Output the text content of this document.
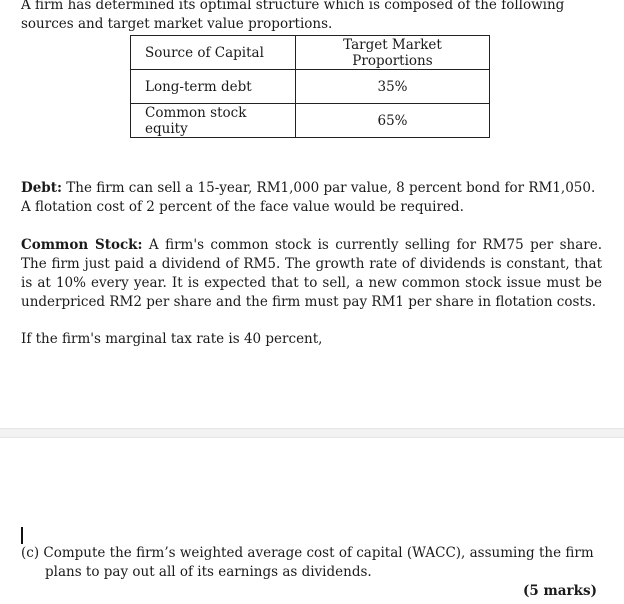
A firm has determined its optimal structure which is composed of the following sources and target market value proportions.
Source of Capital	Target Market Proportions
Long-term debt	35%
Common stock equity	65%
Debt: The firm can sell a 15-year, RM1,000 par value, 8 percent bond for RM1,050. A flotation cost of 2 percent of the face value would be required.
Common Stock: A firm's common stock is currently selling for RM75 per share. The firm just paid a dividend of RM5. The growth rate of dividends is constant, that is at 10% every year. It is expected that to sell, a new common stock issue must be underpriced RM2 per share and the firm must pay RM1 per share in flotation costs.
If the firm's marginal tax rate is 40 percent,
(c) Compute the firm’s weighted average cost of capital (WACC), assuming the firm plans to pay out all of its earnings as dividends.
(5 marks)
